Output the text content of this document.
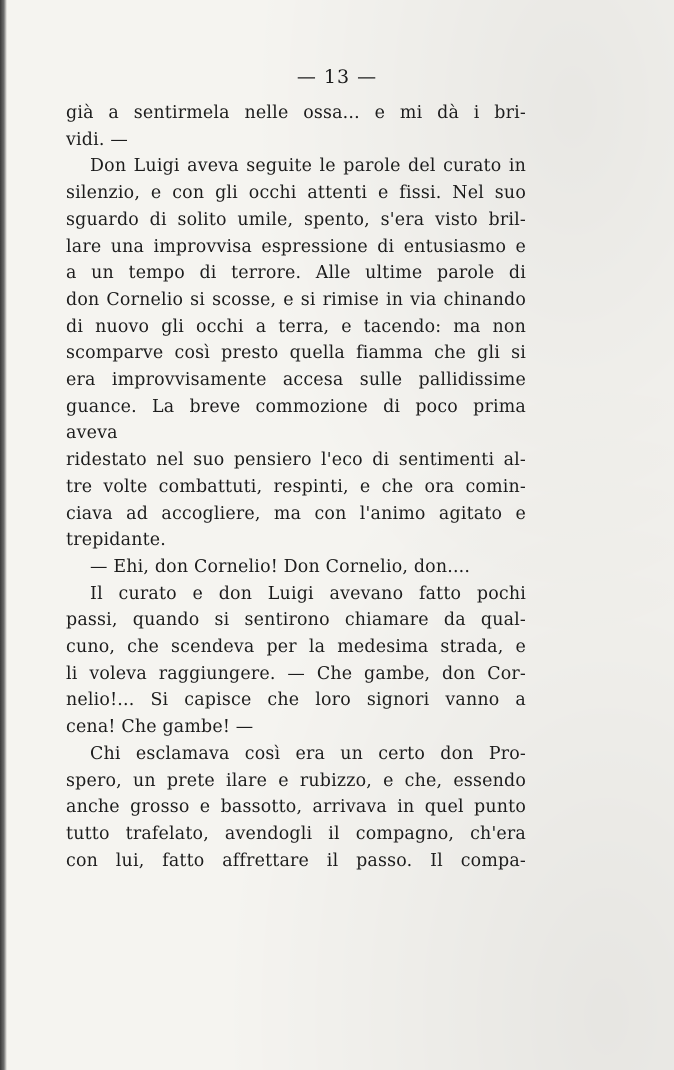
— 13 —

già a sentirmela nelle ossa... e mi dà i bri-

vidi. —

Don Luigi aveva seguite le parole del curato in

silenzio, e con gli occhi attenti e fissi. Nel suo

sguardo di solito umile, spento, s'era visto bril-

lare una improvvisa espressione di entusiasmo e

a un tempo di terrore. Alle ultime parole di

don Cornelio si scosse, e si rimise in via chinando

di nuovo gli occhi a terra, e tacendo: ma non

scomparve così presto quella fiamma che gli si

era improvvisamente accesa sulle pallidissime

guance. La breve commozione di poco prima aveva

ridestato nel suo pensiero l'eco di sentimenti al-

tre volte combattuti, respinti, e che ora comin-

ciava ad accogliere, ma con l'animo agitato e

trepidante.

— Ehi, don Cornelio! Don Cornelio, don....

Il curato e don Luigi avevano fatto pochi

passi, quando si sentirono chiamare da qual-

cuno, che scendeva per la medesima strada, e

li voleva raggiungere. — Che gambe, don Cor-

nelio!... Si capisce che loro signori vanno a

cena! Che gambe! —

Chi esclamava così era un certo don Pro-

spero, un prete ilare e rubizzo, e che, essendo

anche grosso e bassotto, arrivava in quel punto

tutto trafelato, avendogli il compagno, ch'era

con lui, fatto affrettare il passo. Il compa-
